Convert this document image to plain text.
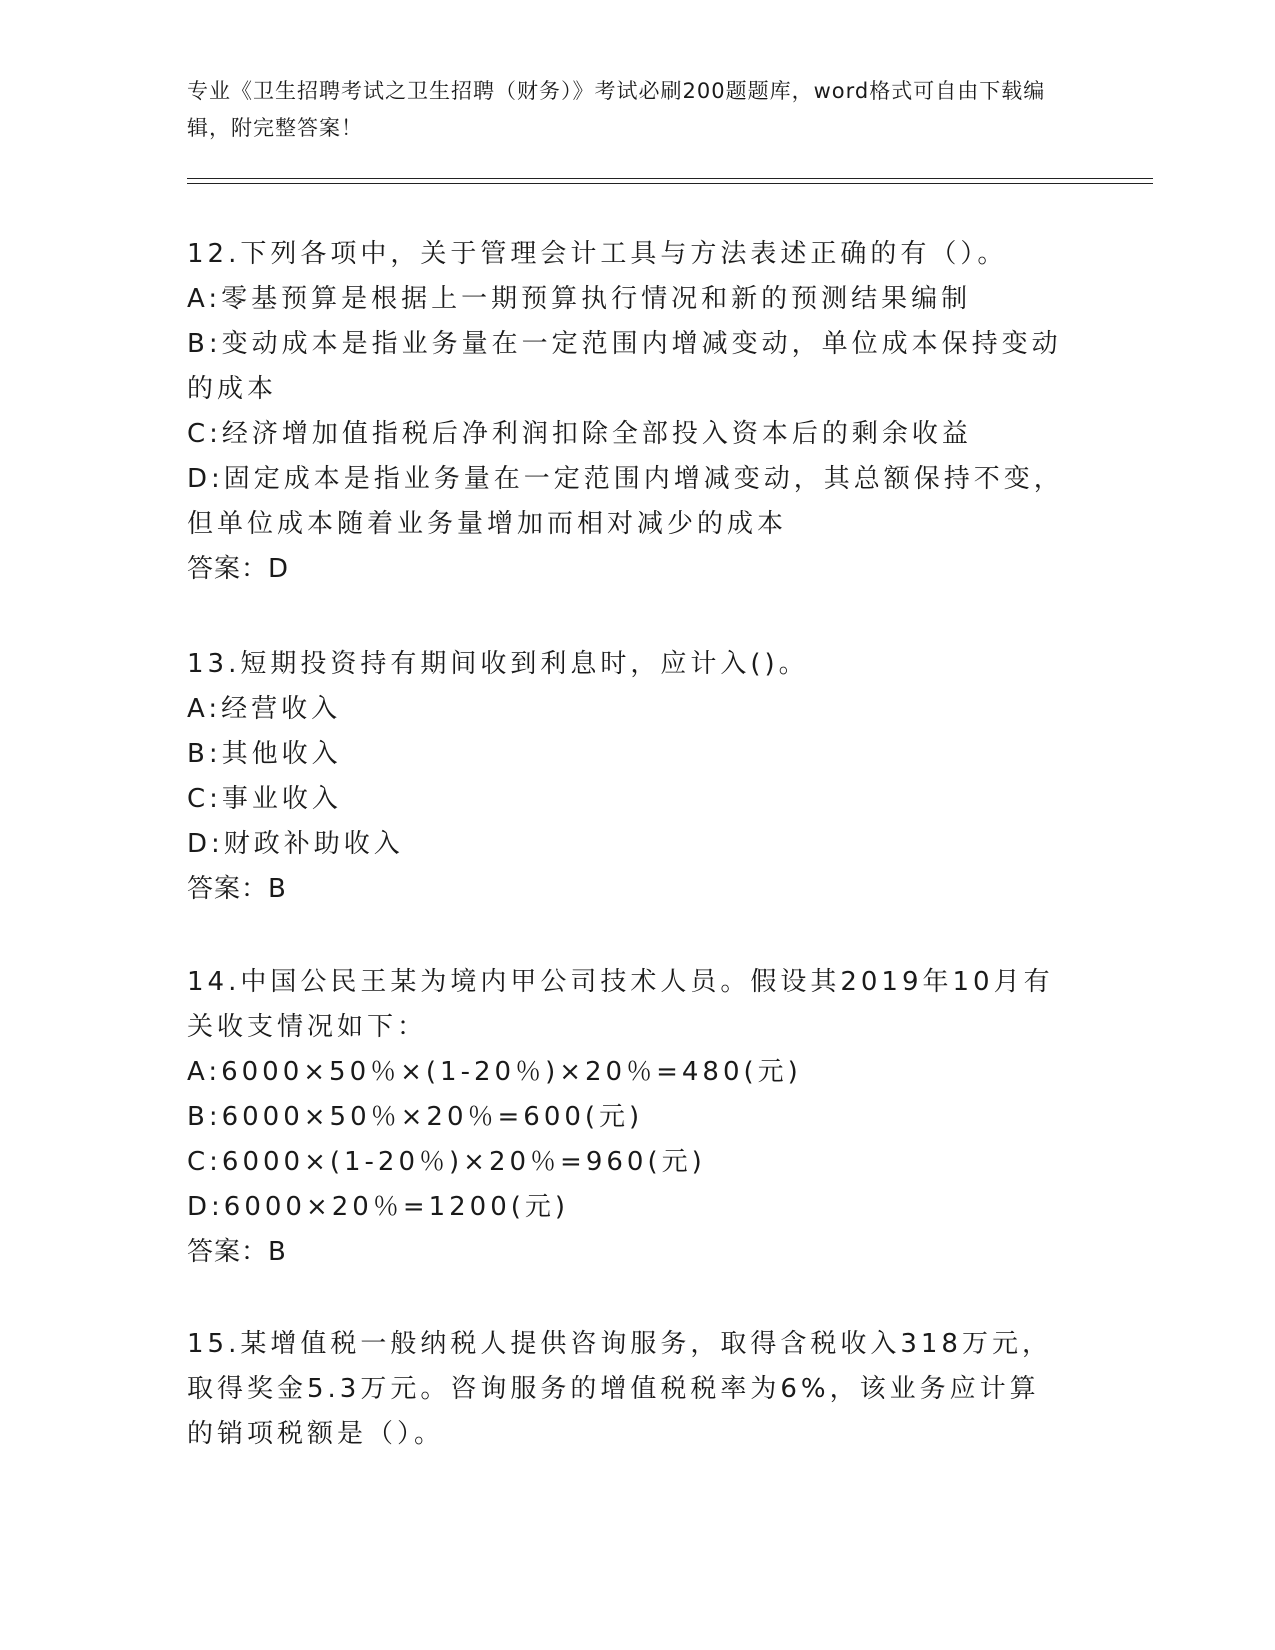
专业《卫生招聘考试之卫生招聘（财务）》考试必刷200题题库，word格式可自由下载编辑，附完整答案！
12.下列各项中，关于管理会计工具与方法表述正确的有（）。
A:零基预算是根据上一期预算执行情况和新的预测结果编制
B:变动成本是指业务量在一定范围内增减变动，单位成本保持变动的成本
C:经济增加值指税后净利润扣除全部投入资本后的剩余收益
D:固定成本是指业务量在一定范围内增减变动，其总额保持不变，但单位成本随着业务量增加而相对减少的成本
答案：D
13.短期投资持有期间收到利息时，应计入()。
A:经营收入
B:其他收入
C:事业收入
D:财政补助收入
答案：B
14.中国公民王某为境内甲公司技术人员。假设其2019年10月有关收支情况如下：
A:6000×50％×(1-20％)×20％=480(元)
B:6000×50％×20％=600(元)
C:6000×(1-20％)×20％=960(元)
D:6000×20％=1200(元)
答案：B
15.某增值税一般纳税人提供咨询服务，取得含税收入318万元，取得奖金5.3万元。咨询服务的增值税税率为6%，该业务应计算的销项税额是（）。
